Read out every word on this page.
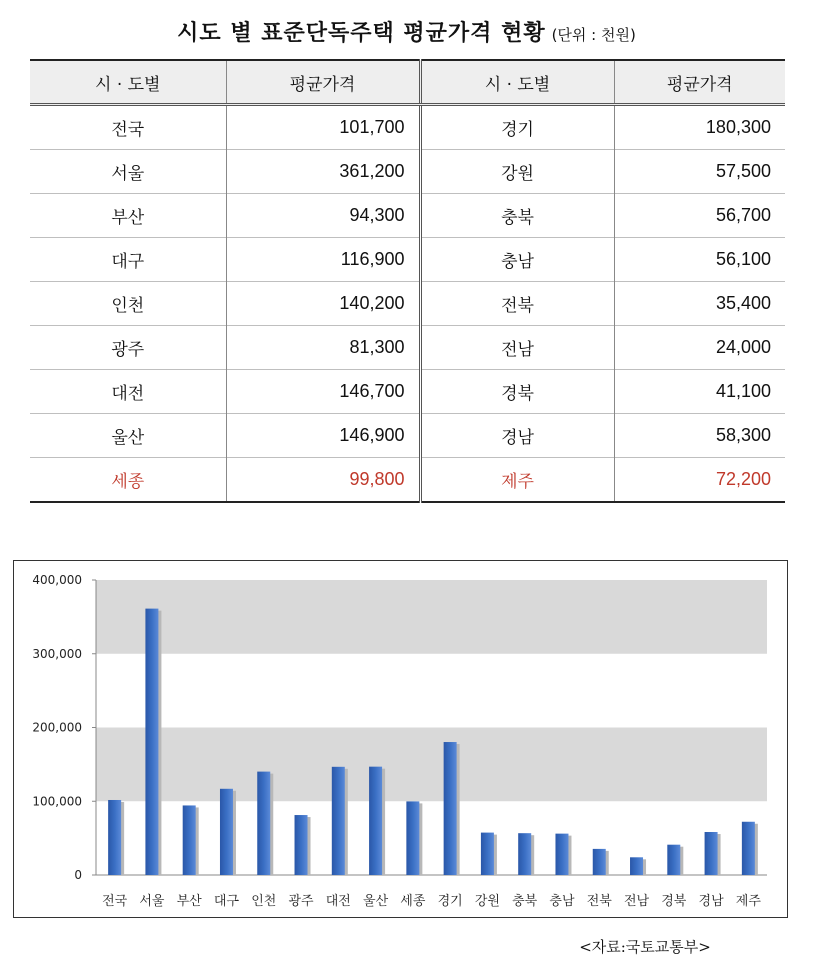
시도 별 표준단독주택 평균가격 현황 (단위 : 천원)
시 · 도별	평균가격	시 · 도별	평균가격
전국	101,700	경기	180,300
서울	361,200	강원	57,500
부산	94,300	충북	56,700
대구	116,900	충남	56,100
인천	140,200	전북	35,400
광주	81,300	전남	24,000
대전	146,700	경북	41,100
울산	146,900	경남	58,300
세종	99,800	제주	72,200
0
100,000
200,000
300,000
400,000
전국 서울 부산 대구 인천 광주 대전 울산 세종 경기 강원 충북 충남 전북 전남 경북 경남 제주
<자료:국토교통부>
